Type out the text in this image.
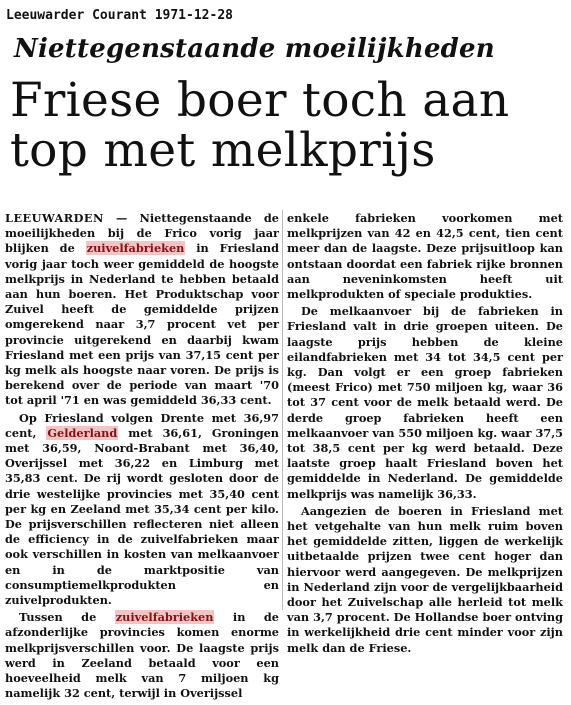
Leeuwarder Courant 1971-12-28
Niettegenstaande moeilijkheden
Friese boer toch aan
top met melkprijs

LEEUWARDEN — Niettegenstaande de moeilijkheden bij de Frico vorig jaar blijken de zuivelfabrieken in Friesland vorig jaar toch weer gemiddeld de hoogste melkprijs in Nederland te hebben betaald aan hun boeren. Het Produktschap voor Zuivel heeft de gemiddelde prijzen omgerekend naar 3,7 procent vet per provincie uitgerekend en daarbij kwam Friesland met een prijs van 37,15 cent per kg melk als hoogste naar voren. De prijs is berekend over de periode van maart '70 tot april '71 en was gemiddeld 36,33 cent.

Op Friesland volgen Drente met 36,97 cent, Gelderland met 36,61, Groningen met 36,59, Noord-Brabant met 36,40, Overijssel met 36,22 en Limburg met 35,83 cent. De rij wordt gesloten door de drie westelijke provincies met 35,40 cent per kg en Zeeland met 35,34 cent per kilo. De prijsverschillen reflecteren niet alleen de efficiency in de zuivelfabrieken maar ook verschillen in kosten van melkaanvoer en in de marktpositie van consumptiemelkprodukten en zuivelprodukten.

Tussen de zuivelfabrieken in de afzonderlijke provincies komen enorme melkprijsverschillen voor. De laagste prijs werd in Zeeland betaald voor een hoeveelheid melk van 7 miljoen kg namelijk 32 cent, terwijl in Overijssel

enkele fabrieken voorkomen met melkprijzen van 42 en 42,5 cent, tien cent meer dan de laagste. Deze prijsuitloop kan ontstaan doordat een fabriek rijke bronnen aan neveninkomsten heeft uit melkprodukten of speciale produkties.

De melkaanvoer bij de fabrieken in Friesland valt in drie groepen uiteen. De laagste prijs hebben de kleine eilandfabrieken met 34 tot 34,5 cent per kg. Dan volgt er een groep fabrieken (meest Frico) met 750 miljoen kg, waar 36 tot 37 cent voor de melk betaald werd. De derde groep fabrieken heeft een melkaanvoer van 550 miljoen kg. waar 37,5 tot 38,5 cent per kg werd betaald. Deze laatste groep haalt Friesland boven het gemiddelde in Nederland. De gemiddelde melkprijs was namelijk 36,33.

Aangezien de boeren in Friesland met het vetgehalte van hun melk ruim boven het gemiddelde zitten, liggen de werkelijk uitbetaalde prijzen twee cent hoger dan hiervoor werd aangegeven. De melkprijzen in Nederland zijn voor de vergelijkbaarheid door het Zuivelschap alle herleid tot melk van 3,7 procent. De Hollandse boer ontving in werkelijkheid drie cent minder voor zijn melk dan de Friese.
